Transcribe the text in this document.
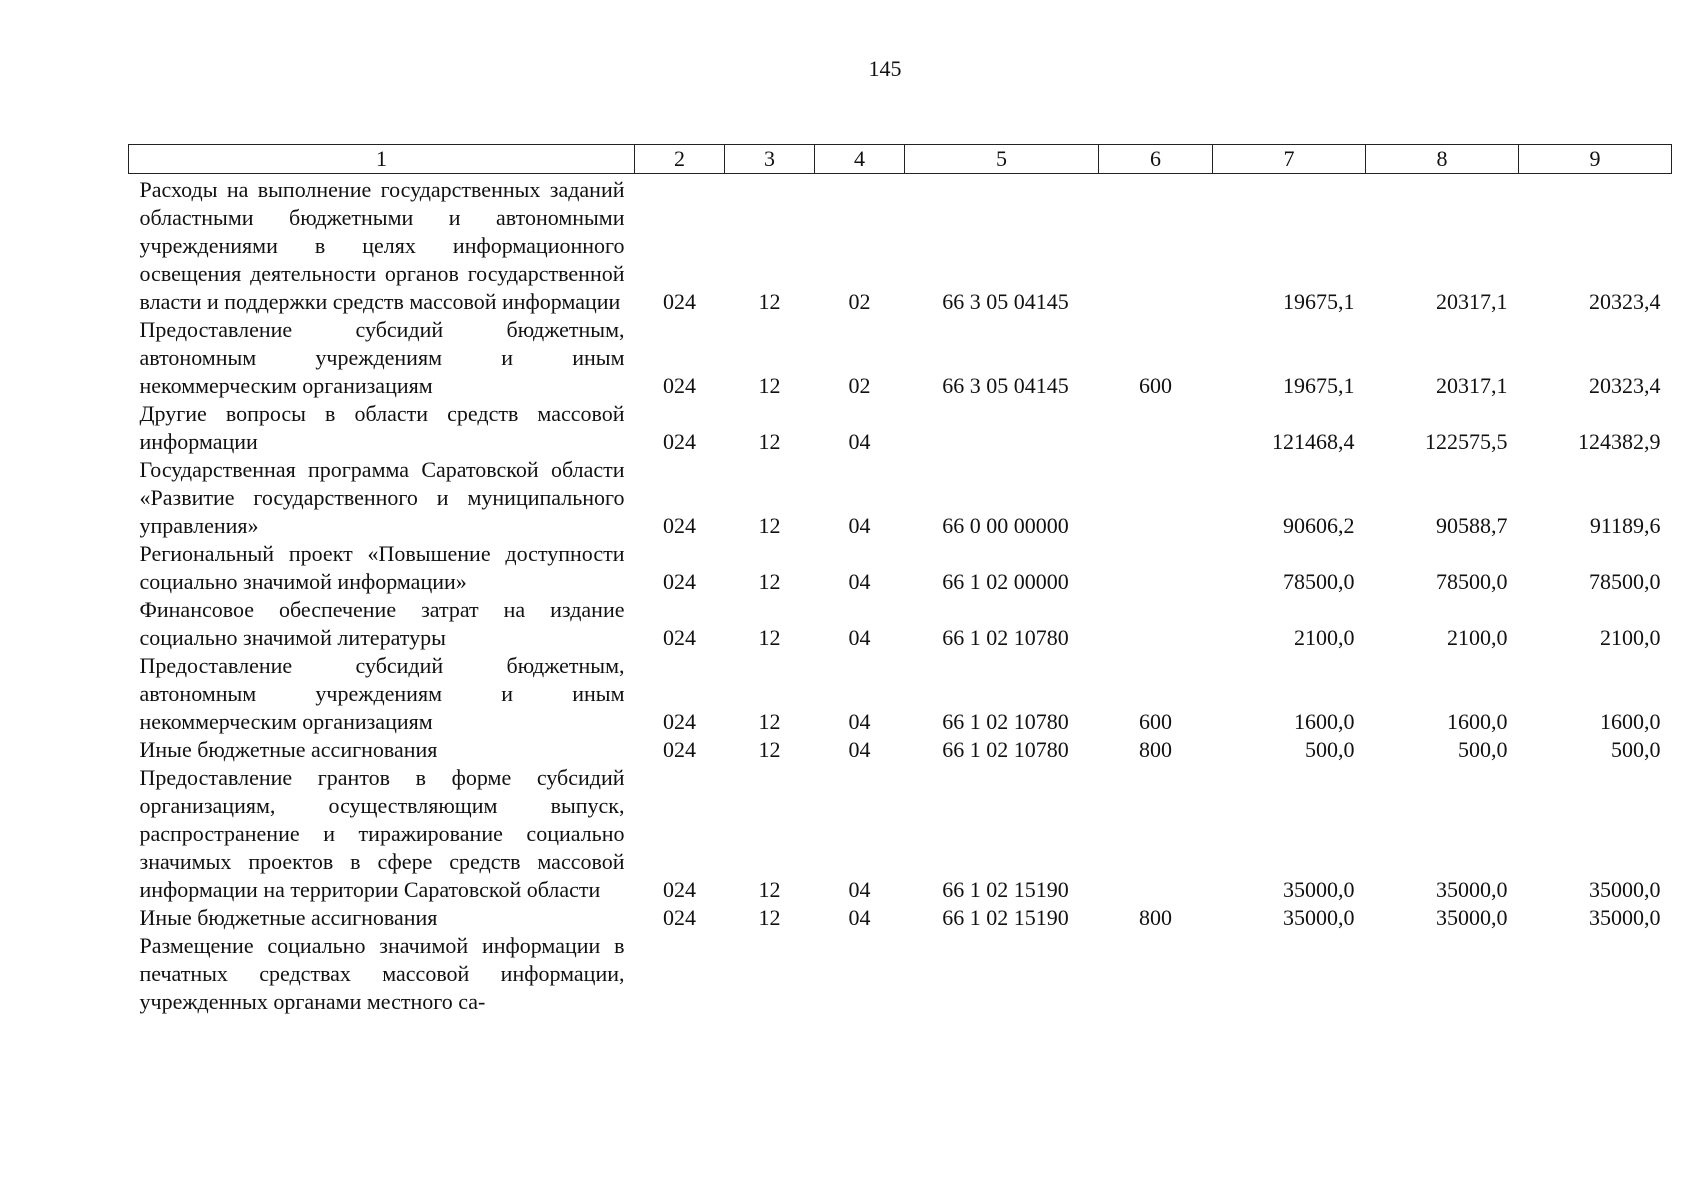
145
1	2	3	4	5	6	7	8	9
Расходы на выполнение государственных заданий областными бюджетными и автономными учреждениями в целях информационного освещения деятельности органов государственной власти и поддержки средств массовой информации	024	12	02	66 3 05 04145		19675,1	20317,1	20323,4
Предоставление субсидий бюджетным, автономным учреждениям и иным некоммерческим организациям	024	12	02	66 3 05 04145	600	19675,1	20317,1	20323,4
Другие вопросы в области средств массовой информации	024	12	04			121468,4	122575,5	124382,9
Государственная программа Саратовской области «Развитие государственного и муниципального управления»	024	12	04	66 0 00 00000		90606,2	90588,7	91189,6
Региональный проект «Повышение доступности социально значимой информации»	024	12	04	66 1 02 00000		78500,0	78500,0	78500,0
Финансовое обеспечение затрат на издание социально значимой литературы	024	12	04	66 1 02 10780		2100,0	2100,0	2100,0
Предоставление субсидий бюджетным, автономным учреждениям и иным некоммерческим организациям	024	12	04	66 1 02 10780	600	1600,0	1600,0	1600,0
Иные бюджетные ассигнования	024	12	04	66 1 02 10780	800	500,0	500,0	500,0
Предоставление грантов в форме субсидий организациям, осуществляющим выпуск, распространение и тиражирование социально значимых проектов в сфере средств массовой информации на территории Саратовской области	024	12	04	66 1 02 15190		35000,0	35000,0	35000,0
Иные бюджетные ассигнования	024	12	04	66 1 02 15190	800	35000,0	35000,0	35000,0
Размещение социально значимой информации в печатных средствах массовой информации, учрежденных органами местного са-								
